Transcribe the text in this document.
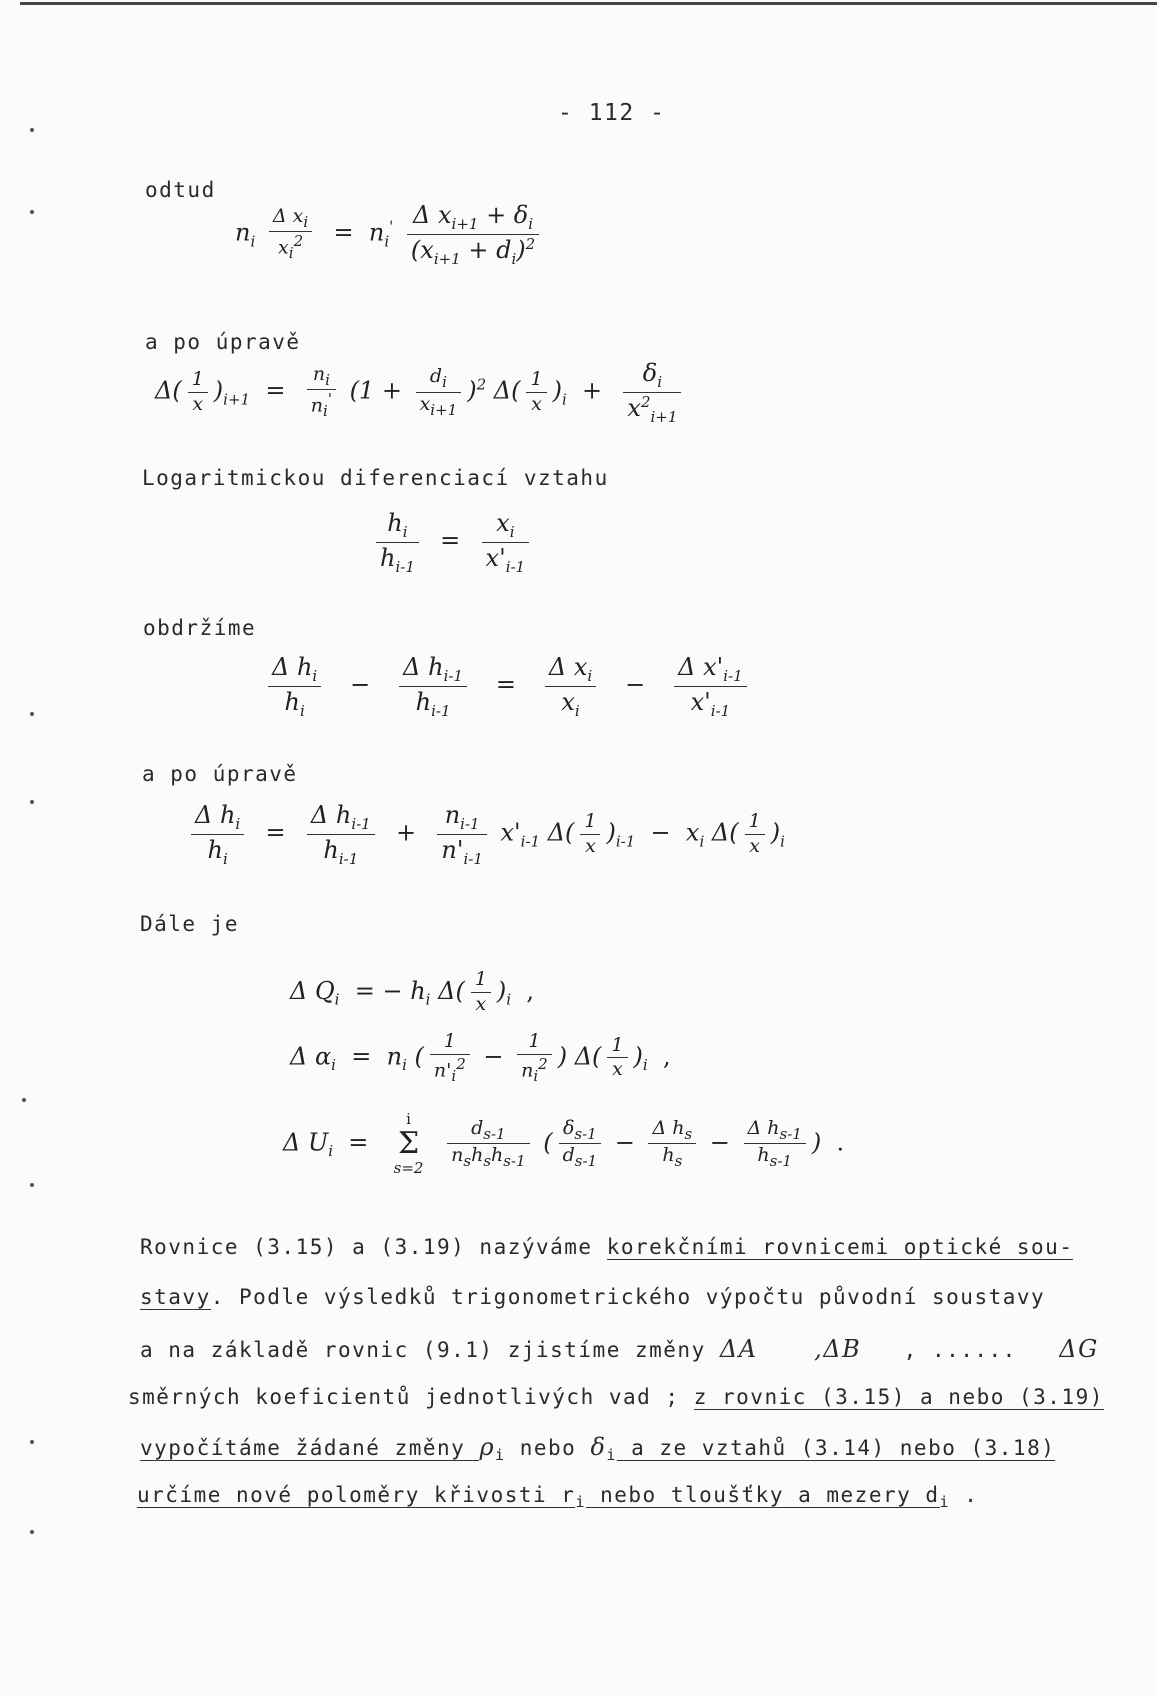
- 112 -
odtud
$n_i \frac{\Delta x_i}{x_i^2} = n_i' \frac{\Delta x_{i+1} + \delta_i}{(x_{i+1} + d_i)^2}$
a po úpravě
$\Delta( \frac{1}{x} )_{i+1} = \frac{n_i}{n_i'} (1 + \frac{d_i}{x_{i+1}} )^2$ $\Delta( \frac{1}{x} )_i + \frac{\delta_i}{x^2_{i+1}}$
Logaritmickou diferenciací vztahu
$\frac{h_i}{h_{i-1}} = \frac{x_i}{x'_{i-1}}$
obdržíme
$\frac{\Delta h_i}{h_i} - \frac{\Delta h_{i-1}}{h_{i-1}} = \frac{\Delta x_i}{x_i} - \frac{\Delta x'_{i-1}}{x'_{i-1}}$
a po úpravě
$\frac{\Delta h_i}{h_i} = \frac{\Delta h_{i-1}}{h_{i-1}} + \frac{n_{i-1}}{n'_{i-1}} x'_{i-1}$ $\Delta( \frac{1}{x} )_{i-1} - x_i$ $\Delta( \frac{1}{x} )_i$
Dále je
Δ $Q_i$  = − $h_i$ $\Delta( \frac{1}{x} )_i$  ,
Δ $\alpha_i = n_i$ ( $\frac{1}{n'_i^2} - \frac{1}{n_i^2}$ ) $\Delta( \frac{1}{x} )_i$  ,
Δ $U_i$  =
i
Σ
s=2
$\frac{d_{s-1}}{n_sh_sh_{s-1}}$ ( $\frac{\delta_{s-1}}{d_{s-1}} - \frac{\Delta h_s}{h_s} - \frac{\Delta h_{s-1}}{h_{s-1}}$ )  .
Rovnice (3.15) a (3.19) nazýváme korekčními rovnicemi optické sou-
stavy. Podle výsledků trigonometrického výpočtu původní soustavy
a na základě rovnic (9.1) zjistíme změny ΔA ,ΔB , ...... ΔG
směrných koeficientů jednotlivých vad ; z rovnic (3.15) a nebo (3.19)
vypočítáme žádané změny $\rho_i$ nebo $\delta_i$ a ze vztahů (3.14) nebo (3.18)
určíme nové poloměry křivosti $r_i$ nebo tloušťky a mezery $d_i$ .
